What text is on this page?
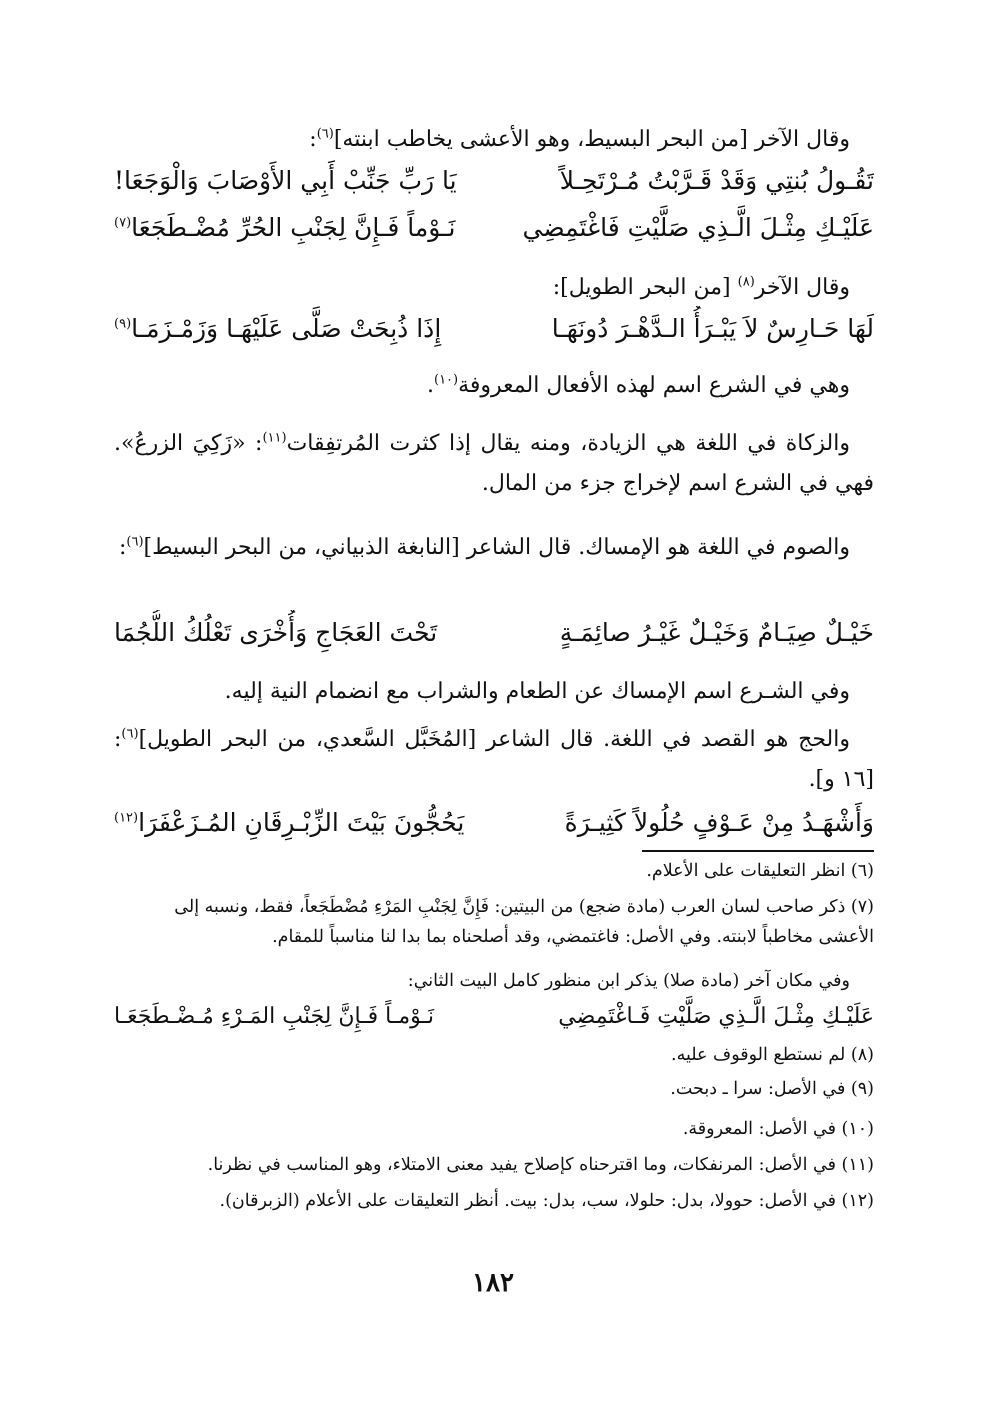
وقال الآخر [من البحر البسيط، وهو الأعشى يخاطب ابنته]$^{(٦)}$:
تَقُـولُ بُنتِي وَقَدْ قَـرَّبْتُ مُـرْتَحِـلاً
يَا رَبِّ جَنِّبْ أَبِي الأَوْصَابَ وَالْوَجَعَا!
عَلَيْـكِ مِثْـلَ الَّـذِي صَلَّيْتِ فَاغْتَمِضِي
نَـوْماً فَـإِنَّ لِجَنْبِ الحُرِّ مُضْـطَجَعَا$^{(٧)}$
وقال الآخر$^{(٨)}$ [من البحر الطويل]:
لَهَا حَـارِسٌ لاَ يَبْـرَأُ الـدَّهْـرَ دُونَهَـا
إِذَا ذُبِحَتْ صَلَّى عَلَيْهَـا وَزَمْـزَمَـا$^{(٩)}$
وهي في الشرع اسم لهذه الأفعال المعروفة$^{(١٠)}$.
والزكاة في اللغة هي الزيادة، ومنه يقال إذا كثرت المُرتفِقات$^{(١١)}$: «زَكِيَ الزرعُ». فهي في الشرع اسم لإخراج جزء من المال.
والصوم في اللغة هو الإمساك. قال الشاعر [النابغة الذبياني، من البحر البسيط]$^{(٦)}$:
خَيْـلٌ صِيَـامٌ وَخَيْـلٌ غَيْـرُ صائِمَـةٍ
تَحْتَ العَجَاجِ وَأُخْرَى تَعْلُكُ اللُّجُمَا
وفي الشـرع اسم الإمساك عن الطعام والشراب مع انضمام النية إليه.
والحج هو القصد في اللغة. قال الشاعر [المُخَبَّل السَّعدي، من البحر الطويل]$^{(٦)}$: [١٦ و].
وَأَشْهَـدُ مِنْ عَـوْفٍ حُلُولاً كَثِيـرَةً
يَحُجُّونَ بَيْتَ الزِّبْـرِقَانِ المُـزَعْفَرَا$^{(١٢)}$
(٦) انظر التعليقات على الأعلام.
(٧) ذكر صاحب لسان العرب (مادة ضجع) من البيتين: فَإِنَّ لِجَنْبِ المَرْءِ مُضْطَجَعاً، فقط، ونسبه إلى الأعشى مخاطباً لابنته. وفي الأصل: فاغتمضي، وقد أصلحناه بما بدا لنا مناسباً للمقام.
وفي مكان آخر (مادة صلا) يذكر ابن منظور كامل البيت الثاني:
عَلَيْـكِ مِثْـلَ الَّـذِي صَلَّيْتِ فَـاغْتَمِضِي
نَـوْمـاً فَـإِنَّ لِجَنْبِ المَـرْءِ مُـضْـطَجَعَـا
(٨) لم نستطع الوقوف عليه.
(٩) في الأصل: سرا ـ دبحت.
(١٠) في الأصل: المعروقة.
(١١) في الأصل: المرنفكات، وما اقترحناه كإصلاح يفيد معنى الامتلاء، وهو المناسب في نظرنا.
(١٢) في الأصل: حوولا، بدل: حلولا، سب، بدل: بيت. أنظر التعليقات على الأعلام (الزبرقان).
١٨٢
